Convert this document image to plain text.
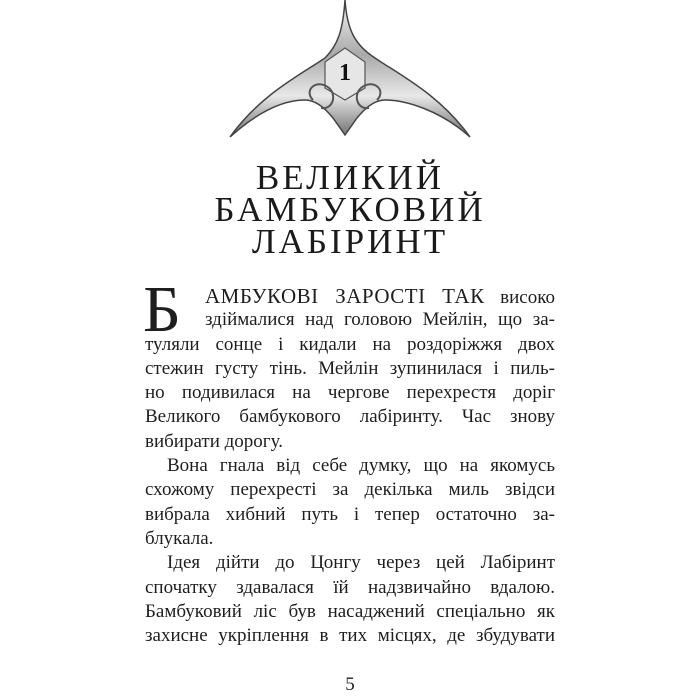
1
ВЕЛИКИЙ
БАМБУКОВИЙ
ЛАБІРИНТ
Б АМБУКОВІ ЗАРОСТІ ТАК високо
здіймалися над головою Мейлін, що за-
туляли сонце і кидали на роздоріжжя двох
стежин густу тінь. Мейлін зупинилася і пиль-
но подивилася на чергове перехрестя доріг
Великого бамбукового лабіринту. Час знову
вибирати дорогу.
Вона гнала від себе думку, що на якомусь
схожому перехресті за декілька миль звідси
вибрала хибний путь і тепер остаточно за-
блукала.
Ідея дійти до Цонгу через цей Лабіринт
спочатку здавалася їй надзвичайно вдалою.
Бамбуковий ліс був насаджений спеціально як
захисне укріплення в тих місцях, де збудувати
5
